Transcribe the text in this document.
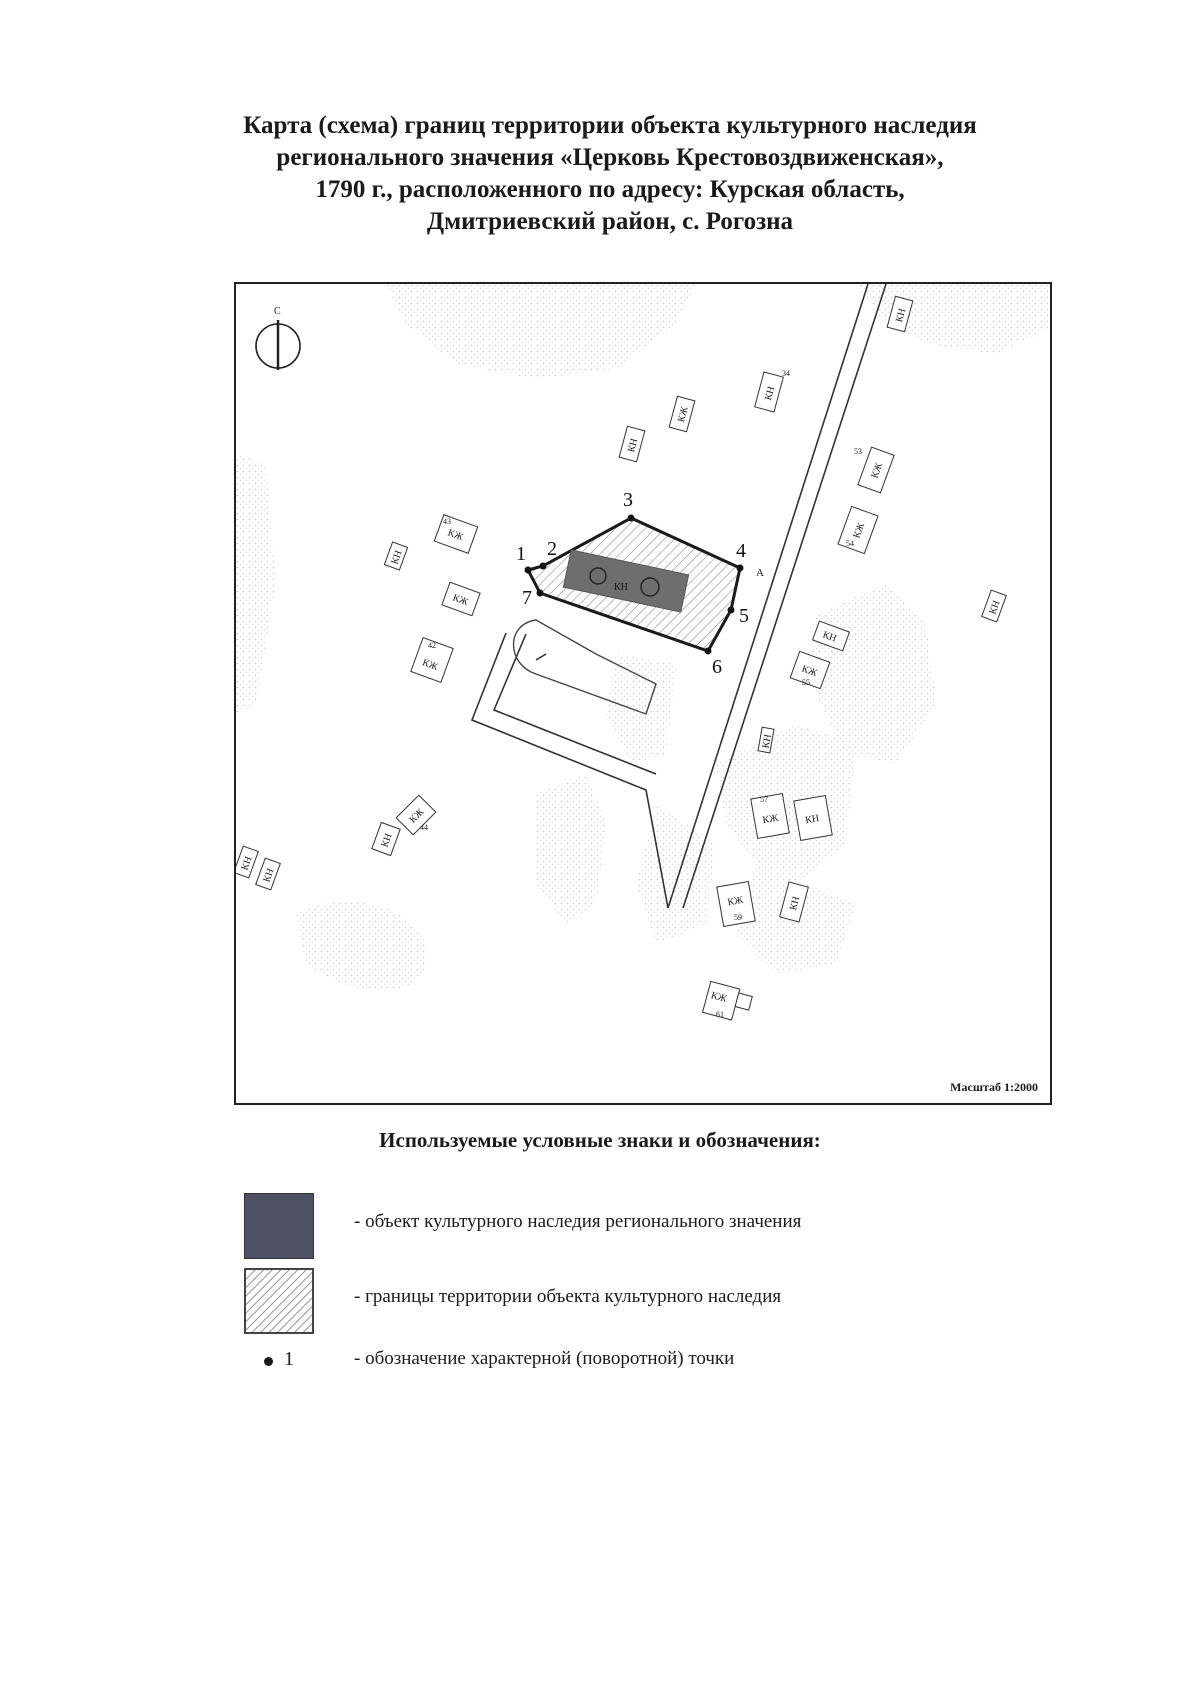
Карта (схема) границ территории объекта культурного наследия
регионального значения «Церковь Крестовоздвиженская»,
1790 г., расположенного по адресу: Курская область,
Дмитриевский район, с. Рогозна
КН
1 2
3
4
5
6
7
А
С	КН
КН
34
КЖ
КН
КЖ
53
КЖ
54
КЖ
43
КН
КЖ
КЖ
42
КН
КН
КЖ
55
КН
КЖ
44
КН
КН
КН
КЖ
57
КН
КЖ
59
КН
КЖ
61
Масштаб 1:2000
Используемые условные знаки и обозначения:
- объект культурного наследия регионального значения
- границы территории объекта культурного наследия
1	- обозначение характерной (поворотной) точки
